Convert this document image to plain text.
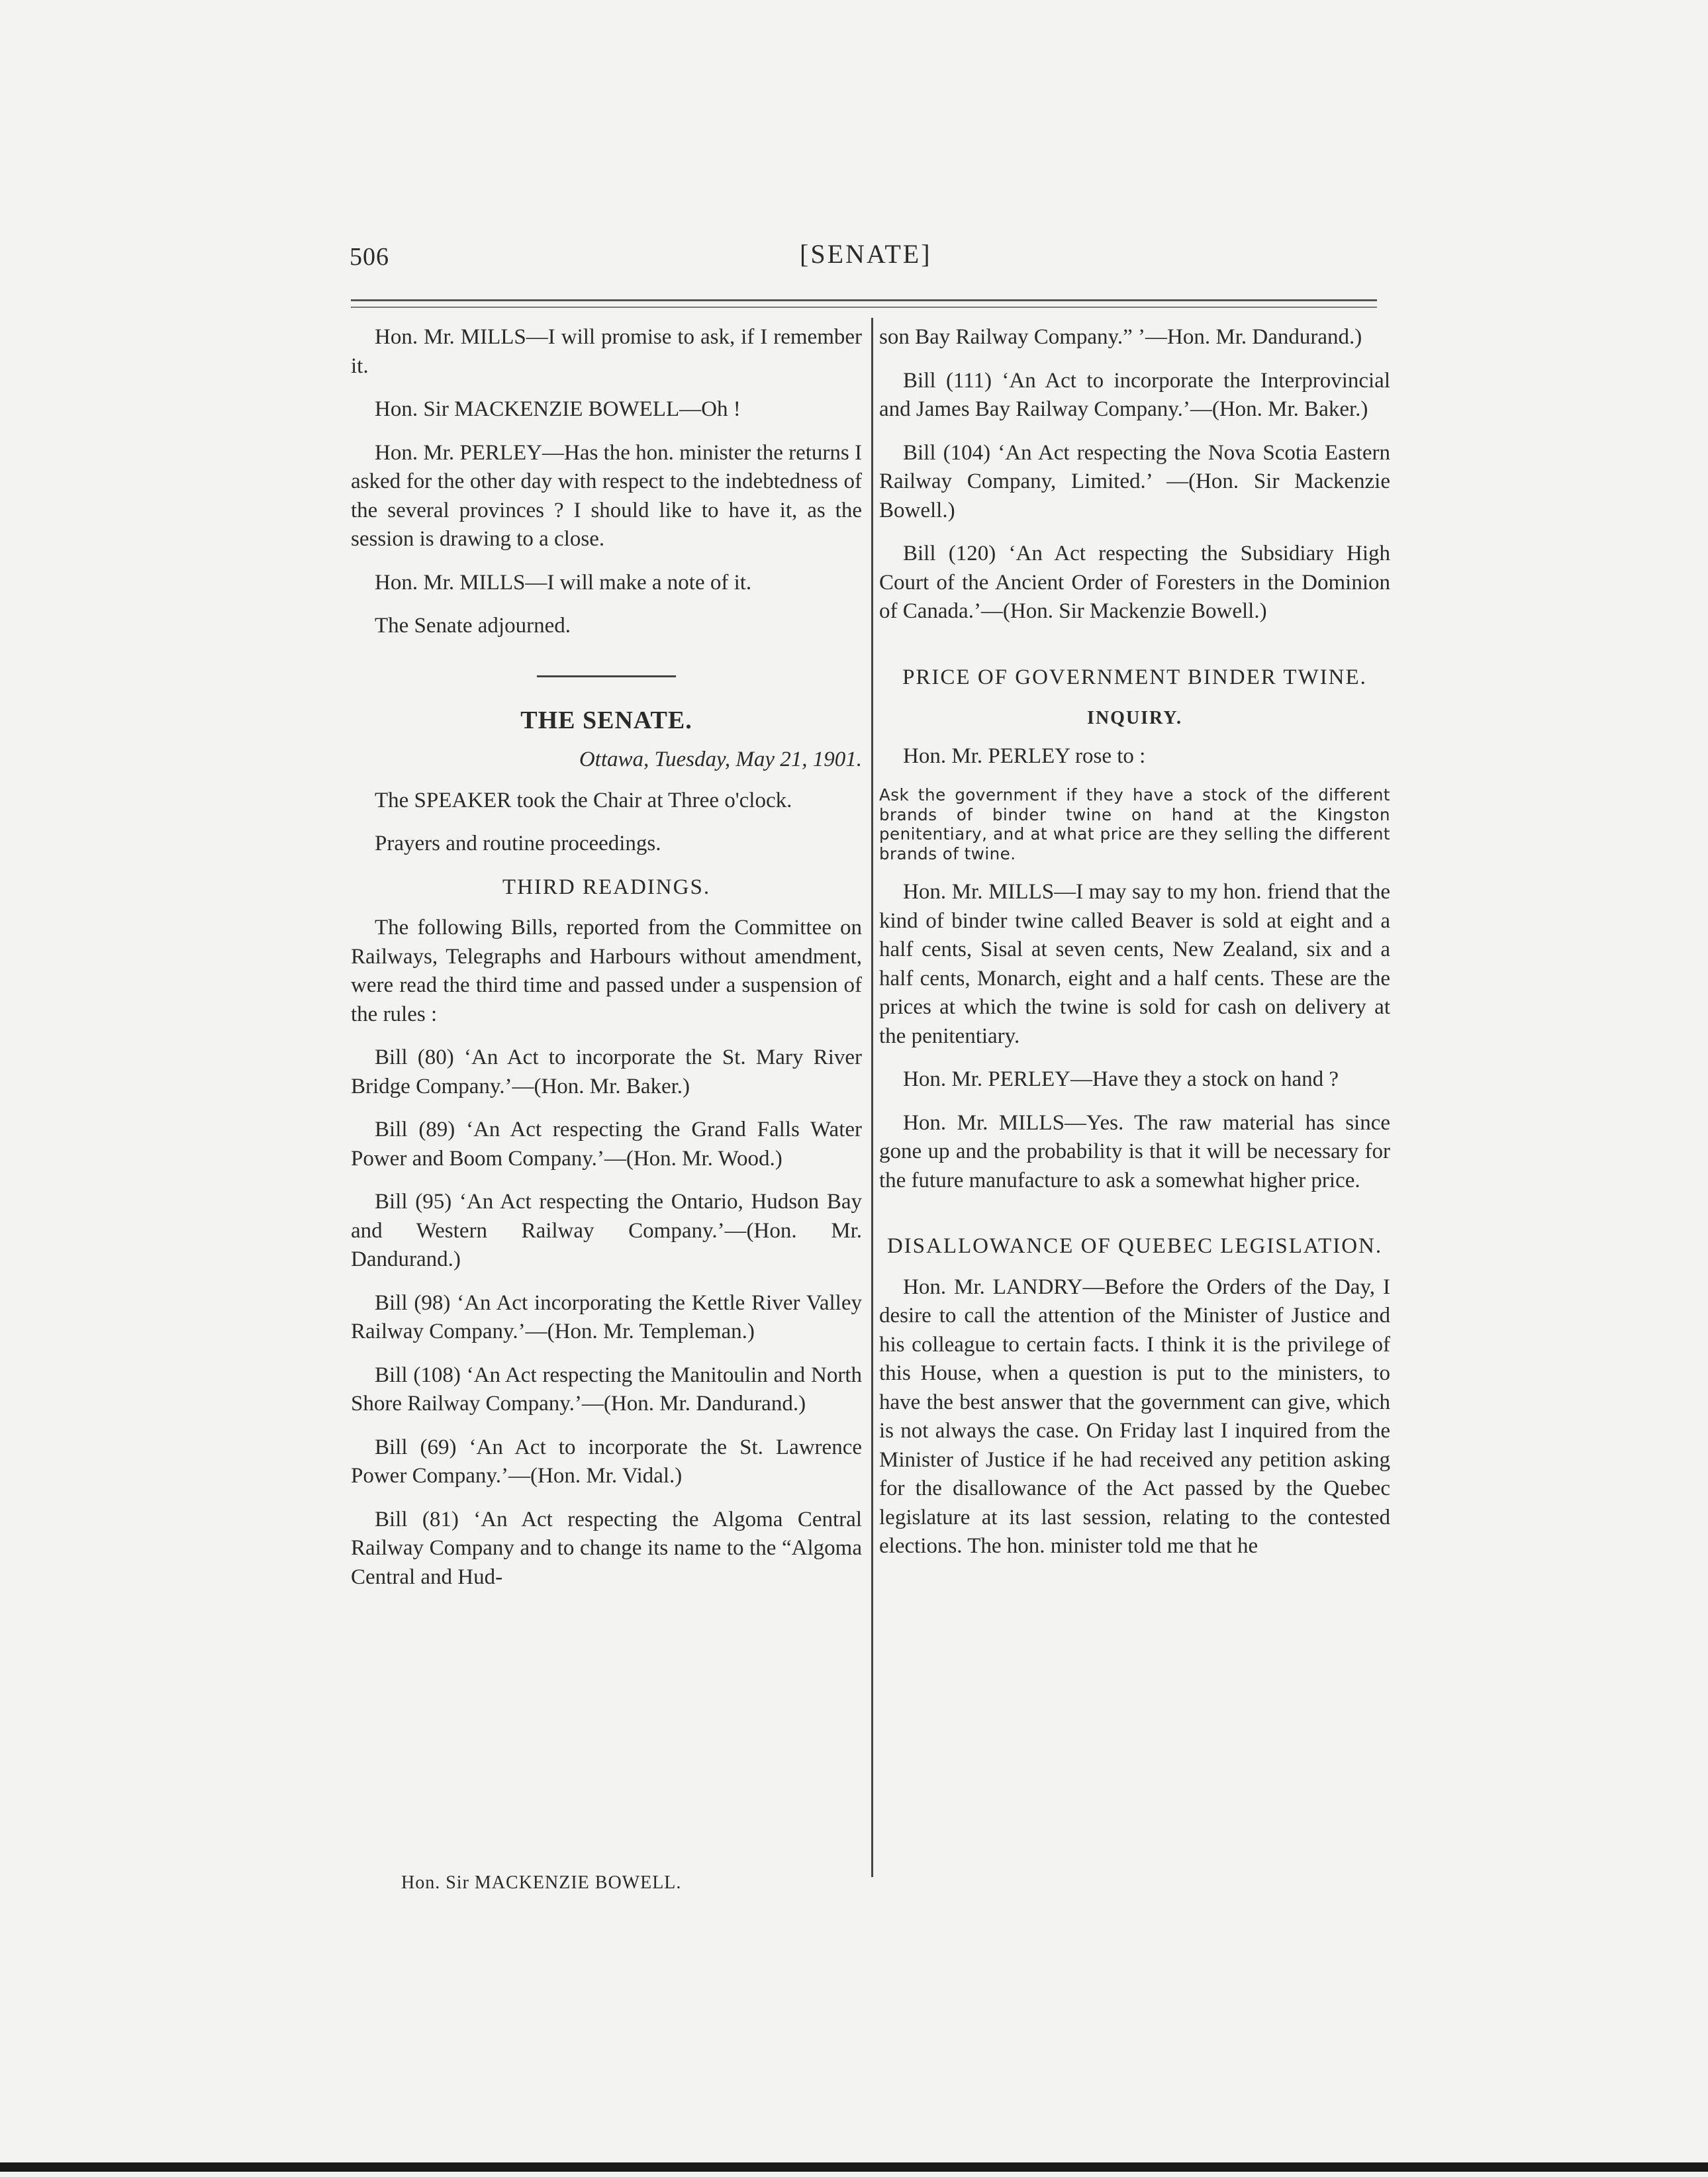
506	[SENATE]

Hon. Mr. MILLS—I will promise to ask, if I remember it.

Hon. Sir MACKENZIE BOWELL—Oh !

Hon. Mr. PERLEY—Has the hon. minister the returns I asked for the other day with respect to the indebtedness of the several provinces ? I should like to have it, as the session is drawing to a close.

Hon. Mr. MILLS—I will make a note of it.

The Senate adjourned.

THE SENATE.
Ottawa, Tuesday, May 21, 1901.

The SPEAKER took the Chair at Three o'clock.

Prayers and routine proceedings.

THIRD READINGS.

The following Bills, reported from the Committee on Railways, Telegraphs and Harbours without amendment, were read the third time and passed under a suspension of the rules :

Bill (80) ‘An Act to incorporate the St. Mary River Bridge Company.’—(Hon. Mr. Baker.)

Bill (89) ‘An Act respecting the Grand Falls Water Power and Boom Company.’—(Hon. Mr. Wood.)

Bill (95) ‘An Act respecting the Ontario, Hudson Bay and Western Railway Company.’—(Hon. Mr. Dandurand.)

Bill (98) ‘An Act incorporating the Kettle River Valley Railway Company.’—(Hon. Mr. Templeman.)

Bill (108) ‘An Act respecting the Manitoulin and North Shore Railway Company.’—(Hon. Mr. Dandurand.)

Bill (69) ‘An Act to incorporate the St. Lawrence Power Company.’—(Hon. Mr. Vidal.)

Bill (81) ‘An Act respecting the Algoma Central Railway Company and to change its name to the “Algoma Central and Hud-

Hon. Sir MACKENZIE BOWELL.

son Bay Railway Company.” ’—Hon. Mr. Dandurand.)

Bill (111) ‘An Act to incorporate the Interprovincial and James Bay Railway Company.’—(Hon. Mr. Baker.)

Bill (104) ‘An Act respecting the Nova Scotia Eastern Railway Company, Limited.’ —(Hon. Sir Mackenzie Bowell.)

Bill (120) ‘An Act respecting the Subsidiary High Court of the Ancient Order of Foresters in the Dominion of Canada.’—(Hon. Sir Mackenzie Bowell.)

PRICE OF GOVERNMENT BINDER TWINE.
INQUIRY.

Hon. Mr. PERLEY rose to :

Ask the government if they have a stock of the different brands of binder twine on hand at the Kingston penitentiary, and at what price are they selling the different brands of twine.

Hon. Mr. MILLS—I may say to my hon. friend that the kind of binder twine called Beaver is sold at eight and a half cents, Sisal at seven cents, New Zealand, six and a half cents, Monarch, eight and a half cents. These are the prices at which the twine is sold for cash on delivery at the penitentiary.

Hon. Mr. PERLEY—Have they a stock on hand ?

Hon. Mr. MILLS—Yes. The raw material has since gone up and the probability is that it will be necessary for the future manufacture to ask a somewhat higher price.

DISALLOWANCE OF QUEBEC LEGISLATION.

Hon. Mr. LANDRY—Before the Orders of the Day, I desire to call the attention of the Minister of Justice and his colleague to certain facts. I think it is the privilege of this House, when a question is put to the ministers, to have the best answer that the government can give, which is not always the case. On Friday last I inquired from the Minister of Justice if he had received any petition asking for the disallowance of the Act passed by the Quebec legislature at its last session, relating to the contested elections. The hon. minister told me that he
